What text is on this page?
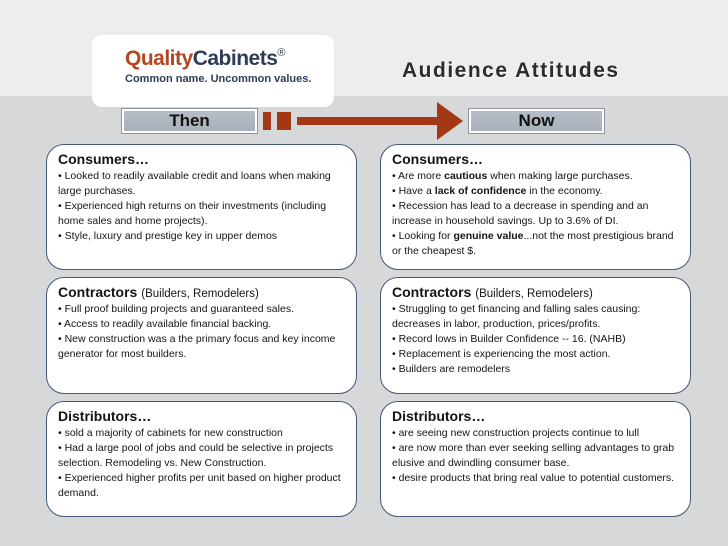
QualityCabinets®
Common name. Uncommon values.	Audience Attitudes
Then	Now
Consumers…
• Looked to readily available credit and loans when making large purchases.
• Experienced high returns on their investments (including home sales and home projects).
• Style, luxury and prestige key in upper demos
Consumers…
• Are more cautious when making large purchases.
• Have a lack of confidence in the economy.
• Recession has lead to a decrease in spending and an increase in household savings. Up to 3.6% of DI.
• Looking for genuine value...not the most prestigious brand or the cheapest $.
Contractors (Builders, Remodelers)
• Full proof building projects and guaranteed sales.
• Access to readily available financial backing.
• New construction was a the primary focus and key income generator for most builders.
Contractors (Builders, Remodelers)
• Struggling to get financing and falling sales causing: decreases in labor, production, prices/profits.
• Record lows in Builder Confidence -- 16. (NAHB)
• Replacement is experiencing the most action.
• Builders are remodelers
Distributors…
• sold a majority of cabinets for new construction
• Had a large pool of jobs and could be selective in projects selection. Remodeling vs. New Construction.
• Experienced higher profits per unit based on higher product demand.
Distributors…
• are seeing new construction projects continue to lull
• are now more than ever seeking selling advantages to grab elusive and dwindling consumer base.
• desire products that bring real value to potential customers.
